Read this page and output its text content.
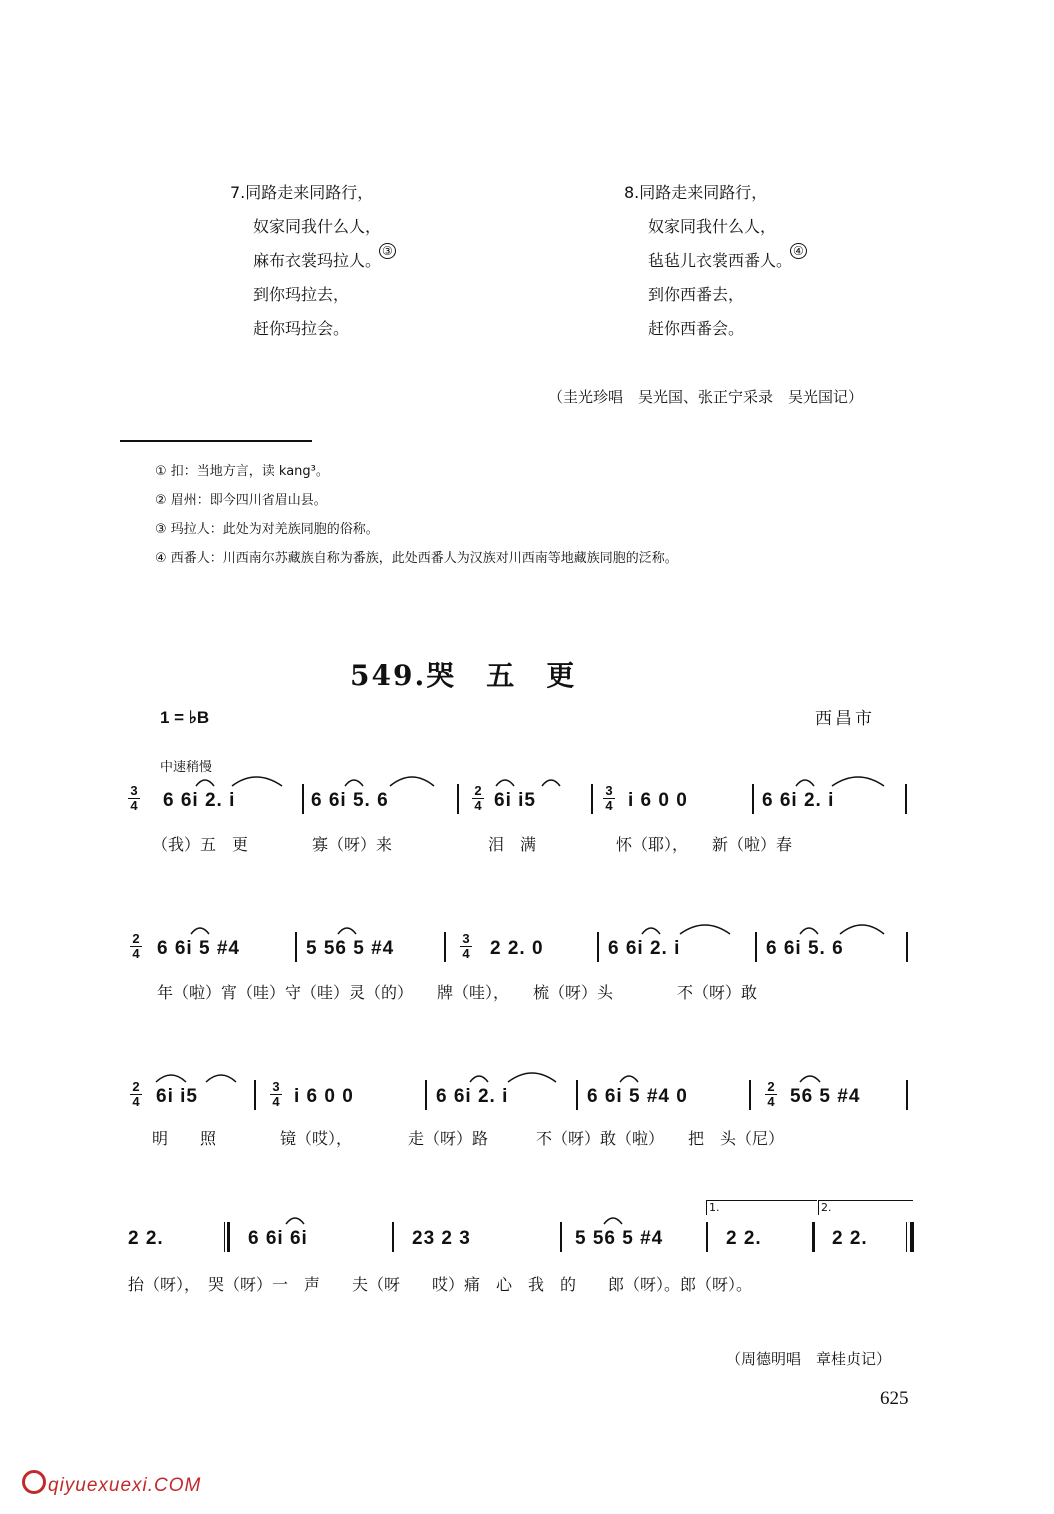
7.同路走来同路行，
奴家同我什么人，
麻布衣裳玛拉人。③
到你玛拉去，
赶你玛拉会。
8.同路走来同路行，
奴家同我什么人，
毡毡儿衣裳西番人。④
到你西番去，
赶你西番会。
（圭光珍唱　吴光国、张正宁采录　吴光国记）
① 扣：当地方言，读 kang³。
② 眉州：即今四川省眉山县。
③ 玛拉人：此处为对羌族同胞的俗称。
④ 西番人：川西南尔苏藏族自称为番族，此处西番人为汉族对川西南等地藏族同胞的泛称。
549.哭　五　更
1 = ♭B	西昌市
中速稍慢
3
4 6 6i 2. i	6 6i 5. 6	2
4 6i i5	3
4 i 6 0 0	6 6i 2. i
（我）五　更　　　　寡（呀）来　　　　　　泪　满　　　　　怀（耶），　　新（啦）春
2
4 6 6i 5 #4	5 56 5 #4	3
4 2 2. 0	6 6i 2. i	6 6i 5. 6
年（啦）宵（哇）守（哇）灵（的）　　牌（哇），　　梳（呀）头　　　　不（呀）敢
2
4 6i i5	3
4 i 6 0 0	6 6i 2. i	6 6i 5 #4 0	2
4 56 5 #4
明　　照　　　　镜（哎），　　　　走（呀）路　　　不（呀）敢（啦）　　把　头（尼）
2 2.	6 6i 6i	23 2 3	5 56 5 #4
1.
2 2.
2.
2 2.
抬（呀），　哭（呀）一　声　　夫（呀　　哎）痛　心　我　的　　郎（呀）。郎（呀）。
（周德明唱　章桂贞记）
625
qiyuexuexi.COM
